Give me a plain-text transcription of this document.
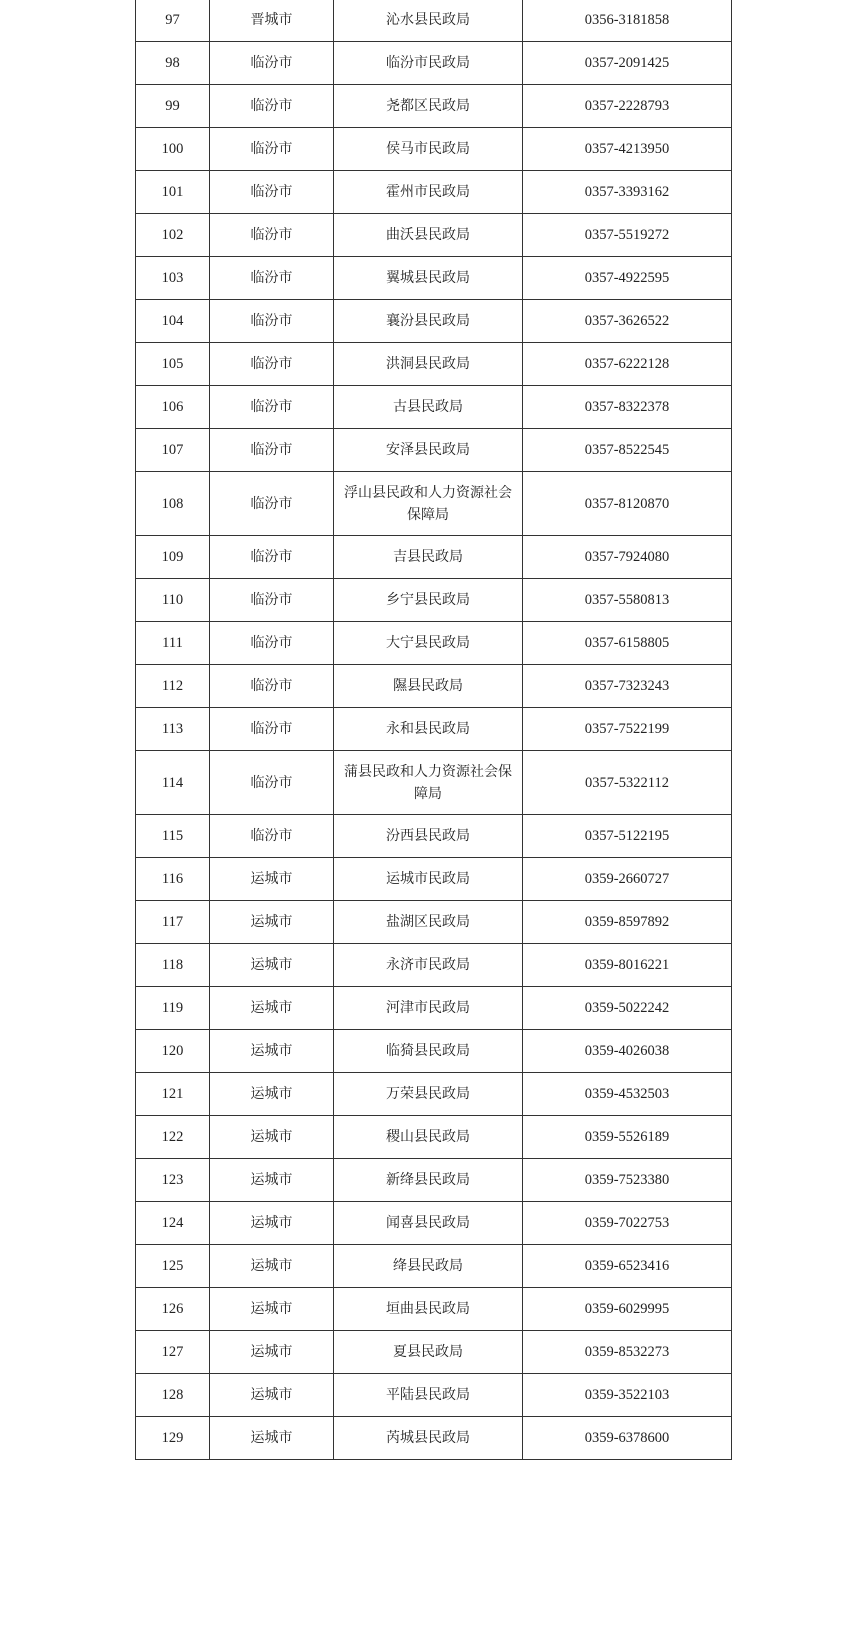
97	晋城市	沁水县民政局	0356-3181858
98	临汾市	临汾市民政局	0357-2091425
99	临汾市	尧都区民政局	0357-2228793
100	临汾市	侯马市民政局	0357-4213950
101	临汾市	霍州市民政局	0357-3393162
102	临汾市	曲沃县民政局	0357-5519272
103	临汾市	翼城县民政局	0357-4922595
104	临汾市	襄汾县民政局	0357-3626522
105	临汾市	洪洞县民政局	0357-6222128
106	临汾市	古县民政局	0357-8322378
107	临汾市	安泽县民政局	0357-8522545
108	临汾市	浮山县民政和人力资源社会保障局	0357-8120870
109	临汾市	吉县民政局	0357-7924080
110	临汾市	乡宁县民政局	0357-5580813
111	临汾市	大宁县民政局	0357-6158805
112	临汾市	隰县民政局	0357-7323243
113	临汾市	永和县民政局	0357-7522199
114	临汾市	蒲县民政和人力资源社会保障局	0357-5322112
115	临汾市	汾西县民政局	0357-5122195
116	运城市	运城市民政局	0359-2660727
117	运城市	盐湖区民政局	0359-8597892
118	运城市	永济市民政局	0359-8016221
119	运城市	河津市民政局	0359-5022242
120	运城市	临猗县民政局	0359-4026038
121	运城市	万荣县民政局	0359-4532503
122	运城市	稷山县民政局	0359-5526189
123	运城市	新绛县民政局	0359-7523380
124	运城市	闻喜县民政局	0359-7022753
125	运城市	绛县民政局	0359-6523416
126	运城市	垣曲县民政局	0359-6029995
127	运城市	夏县民政局	0359-8532273
128	运城市	平陆县民政局	0359-3522103
129	运城市	芮城县民政局	0359-6378600
